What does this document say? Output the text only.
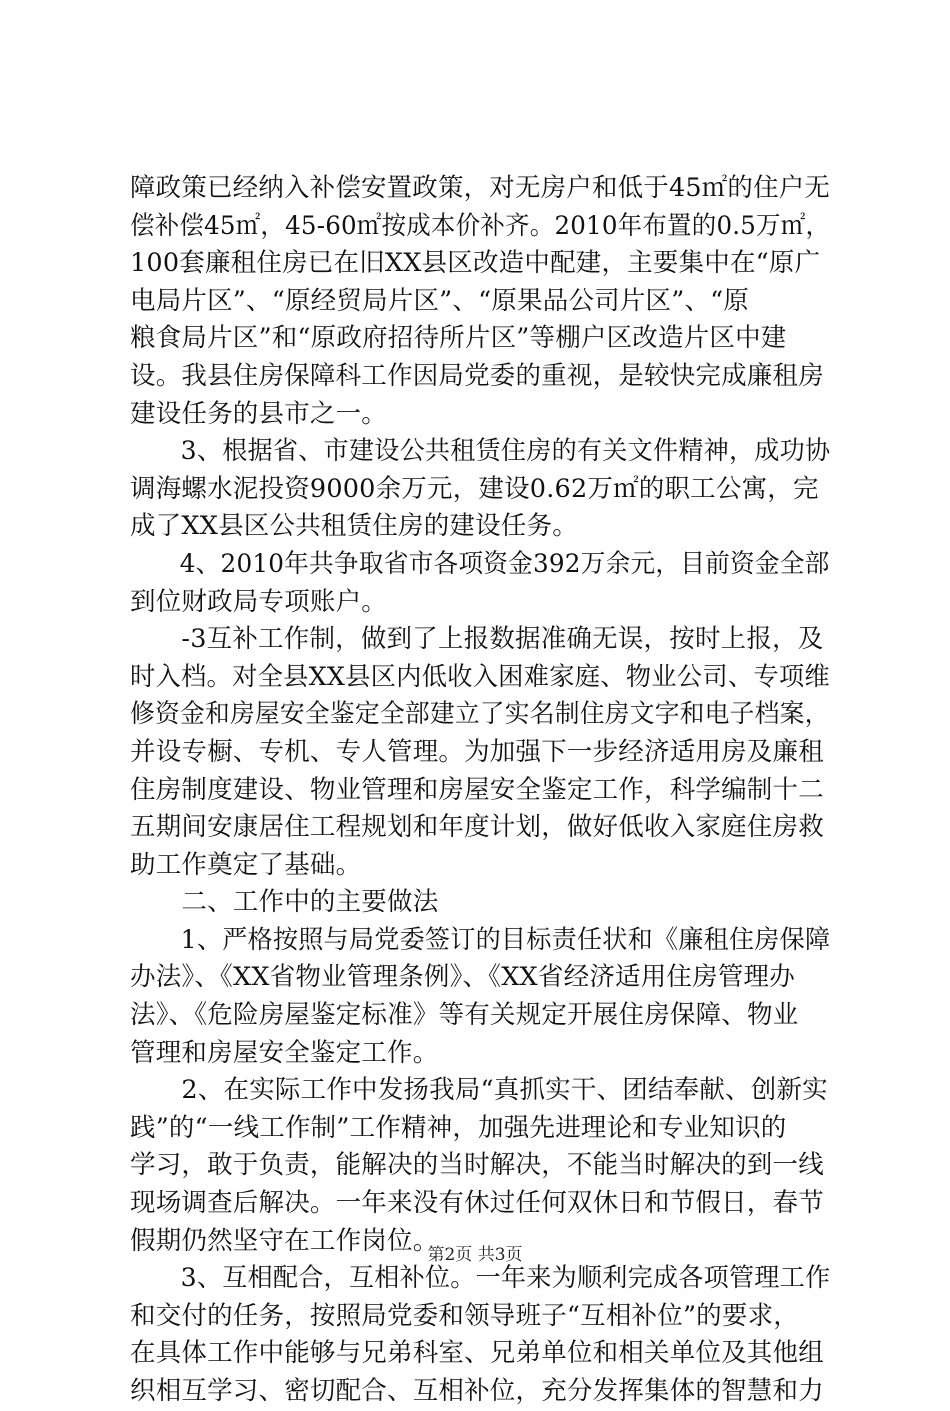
障政策已经纳入补偿安置政策，对无房户和低于45㎡的住户无
偿补偿45㎡，45-60㎡按成本价补齐。2010年布置的0.5万㎡，
100套廉租住房已在旧XX县区改造中配建，主要集中在“原广
电局片区”、“原经贸局片区”、“原果品公司片区”、“原
粮食局片区”和“原政府招待所片区”等棚户区改造片区中建
设。我县住房保障科工作因局党委的重视，是较快完成廉租房
建设任务的县市之一。
　　3、根据省、市建设公共租赁住房的有关文件精神，成功协
调海螺水泥投资9000余万元，建设0.62万㎡的职工公寓，完
成了XX县区公共租赁住房的建设任务。
　　4、2010年共争取省市各项资金392万余元，目前资金全部
到位财政局专项账户。
　　-3互补工作制，做到了上报数据准确无误，按时上报，及
时入档。对全县XX县区内低收入困难家庭、物业公司、专项维
修资金和房屋安全鉴定全部建立了实名制住房文字和电子档案，
并设专橱、专机、专人管理。为加强下一步经济适用房及廉租
住房制度建设、物业管理和房屋安全鉴定工作，科学编制十二
五期间安康居住工程规划和年度计划，做好低收入家庭住房救
助工作奠定了基础。
　　二、工作中的主要做法
　　1、严格按照与局党委签订的目标责任状和《廉租住房保障
办法》、《XX省物业管理条例》、《XX省经济适用住房管理办
法》、《危险房屋鉴定标准》等有关规定开展住房保障、物业
管理和房屋安全鉴定工作。
　　2、在实际工作中发扬我局“真抓实干、团结奉献、创新实
践”的“一线工作制”工作精神，加强先进理论和专业知识的
学习，敢于负责，能解决的当时解决，不能当时解决的到一线
现场调查后解决。一年来没有休过任何双休日和节假日，春节
假期仍然坚守在工作岗位。
　　3、互相配合，互相补位。一年来为顺利完成各项管理工作
和交付的任务，按照局党委和领导班子“互相补位”的要求，
在具体工作中能够与兄弟科室、兄弟单位和相关单位及其他组
织相互学习、密切配合、互相补位，充分发挥集体的智慧和力
第2页 共3页
